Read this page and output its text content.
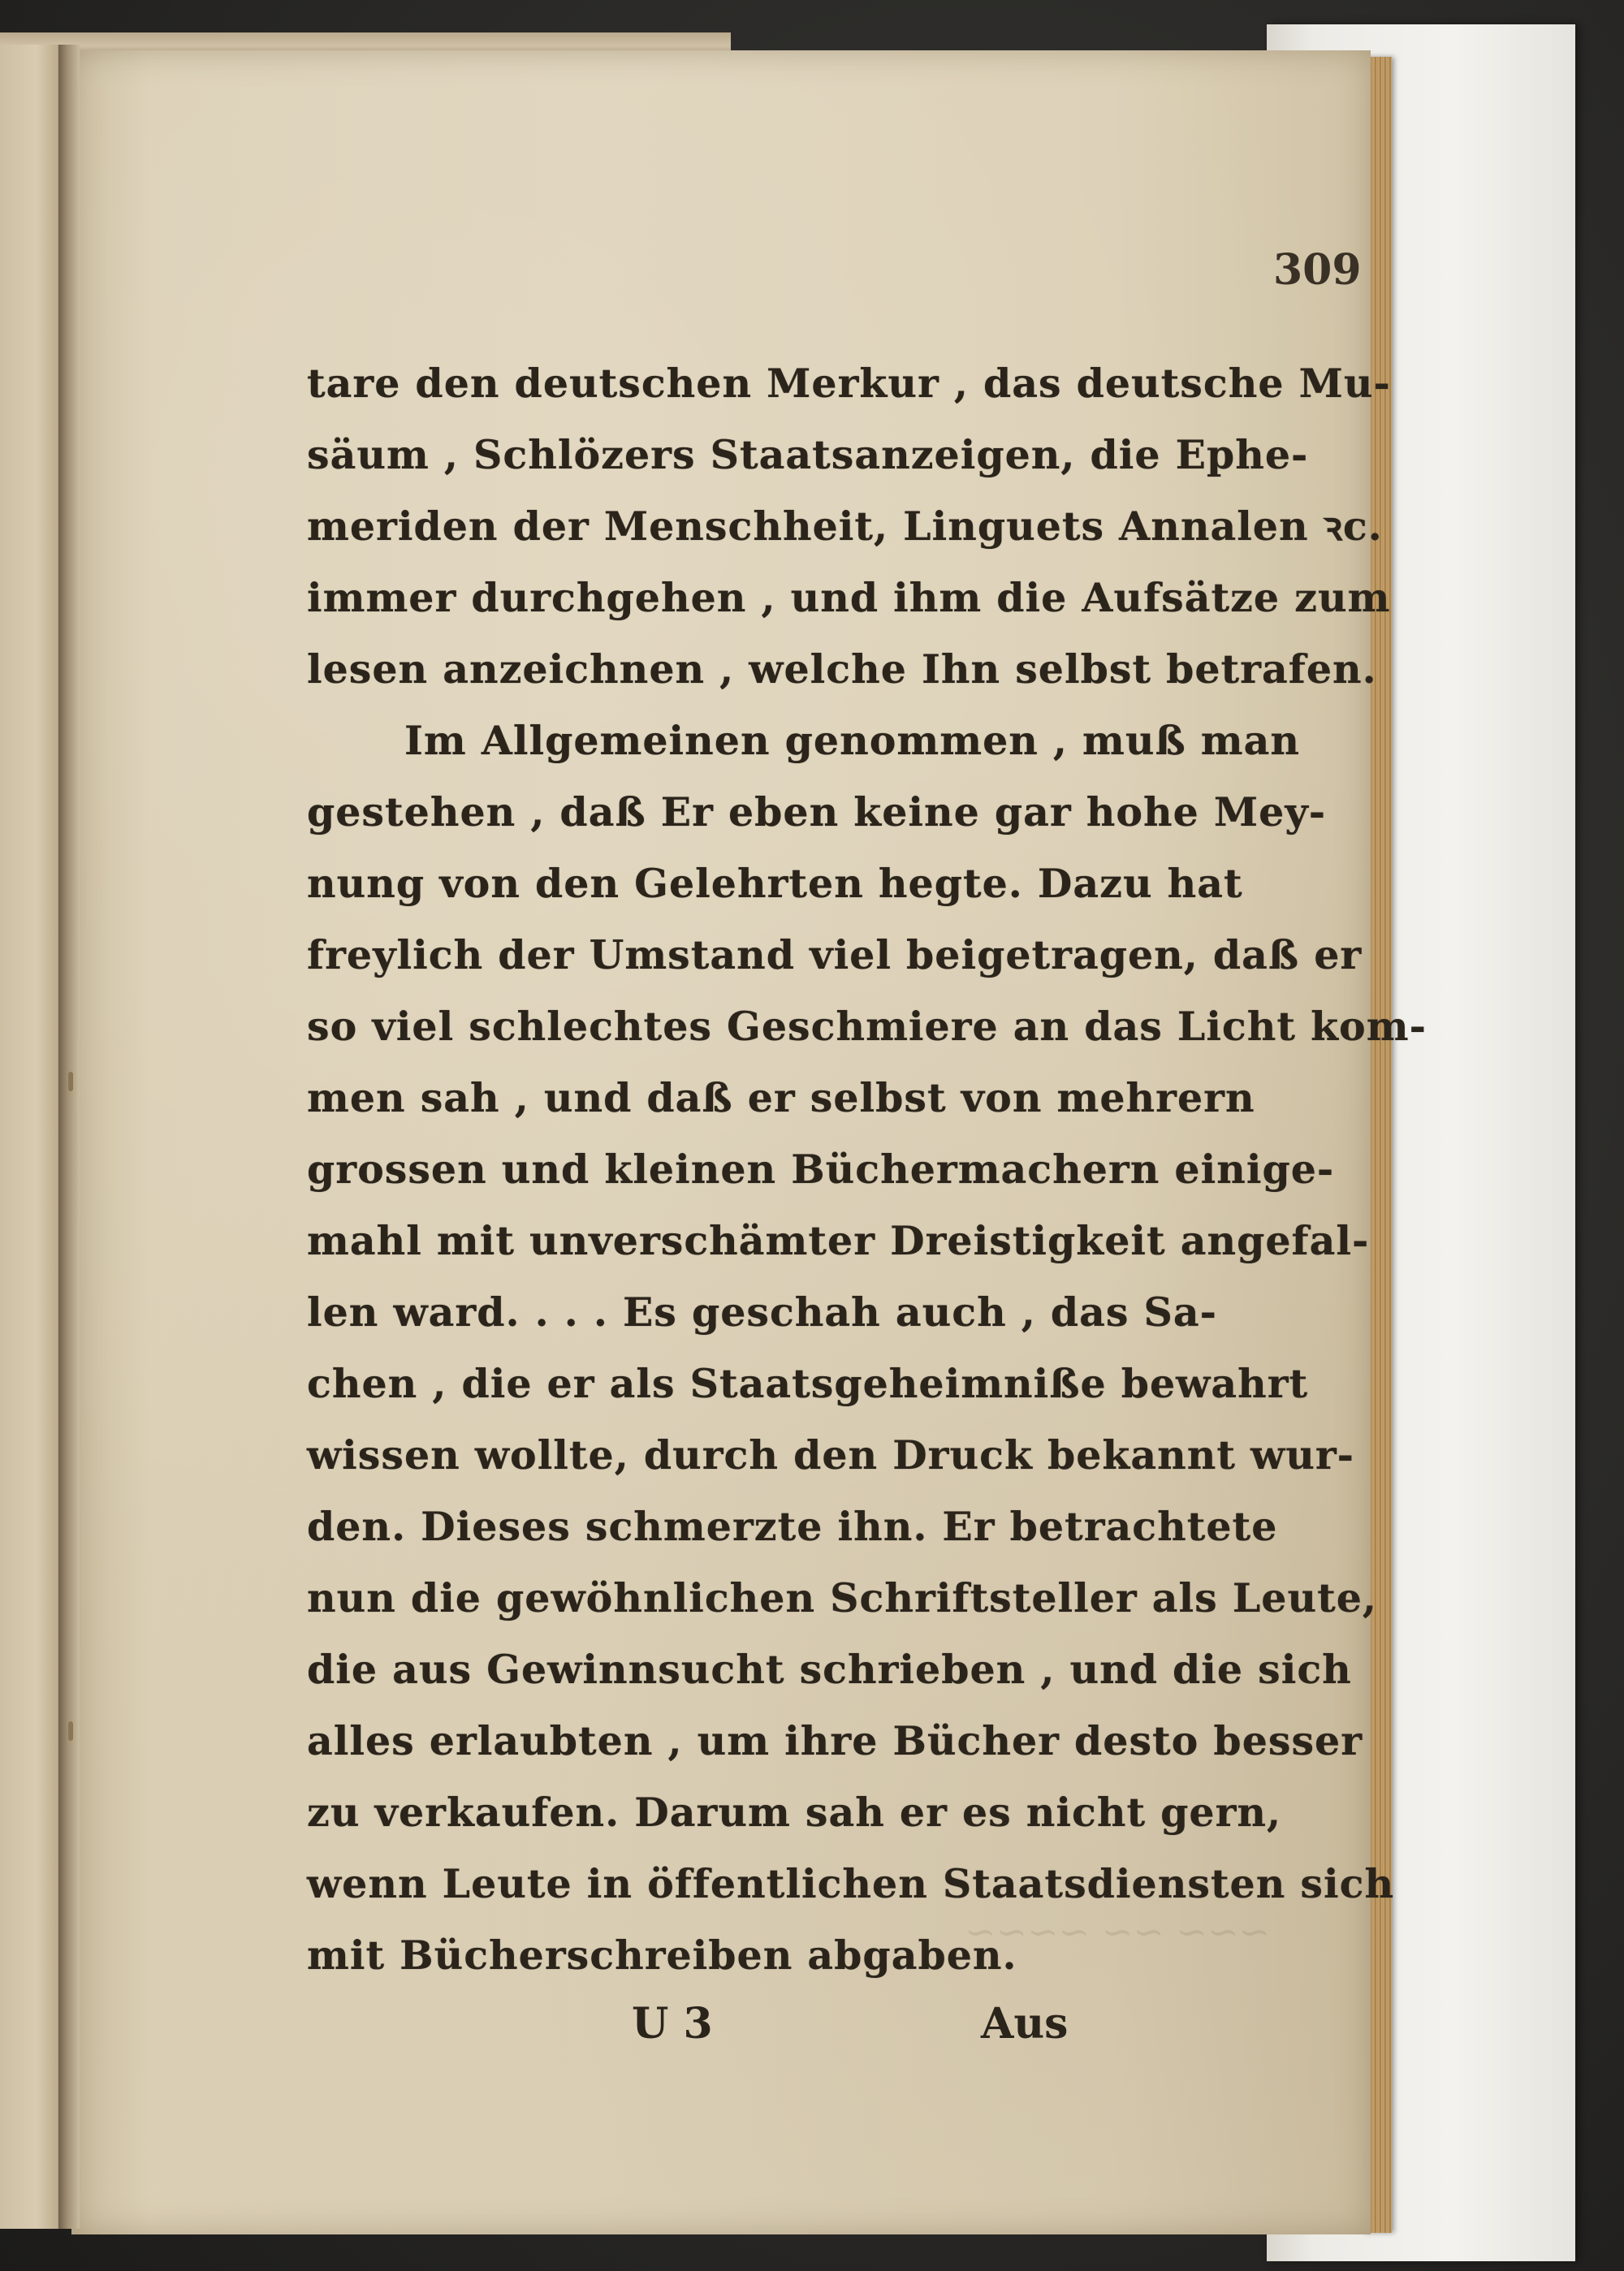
~~~ ~~ ~~~~
309
tare den deutschen Merkur , das deutsche Mu-
säum , Schlözers Staatsanzeigen, die Ephe-
meriden der Menschheit, Linguets Annalen ꝛc.
immer durchgehen , und ihm die Aufsätze zum
lesen anzeichnen , welche Ihn selbst betrafen.
Im Allgemeinen genommen , muß man
gestehen , daß Er eben keine gar hohe Mey-
nung von den Gelehrten hegte. Dazu hat
freylich der Umstand viel beigetragen, daß er
so viel schlechtes Geschmiere an das Licht kom-
men sah , und daß er selbst von mehrern
grossen und kleinen Büchermachern einige-
mahl mit unverschämter Dreistigkeit angefal-
len ward. . . . Es geschah auch , das Sa-
chen , die er als Staatsgeheimniße bewahrt
wissen wollte, durch den Druck bekannt wur-
den. Dieses schmerzte ihn. Er betrachtete
nun die gewöhnlichen Schriftsteller als Leute,
die aus Gewinnsucht schrieben , und die sich
alles erlaubten , um ihre Bücher desto besser
zu verkaufen. Darum sah er es nicht gern,
wenn Leute in öffentlichen Staatsdiensten sich
mit Bücherschreiben abgaben.
U 3	Aus
